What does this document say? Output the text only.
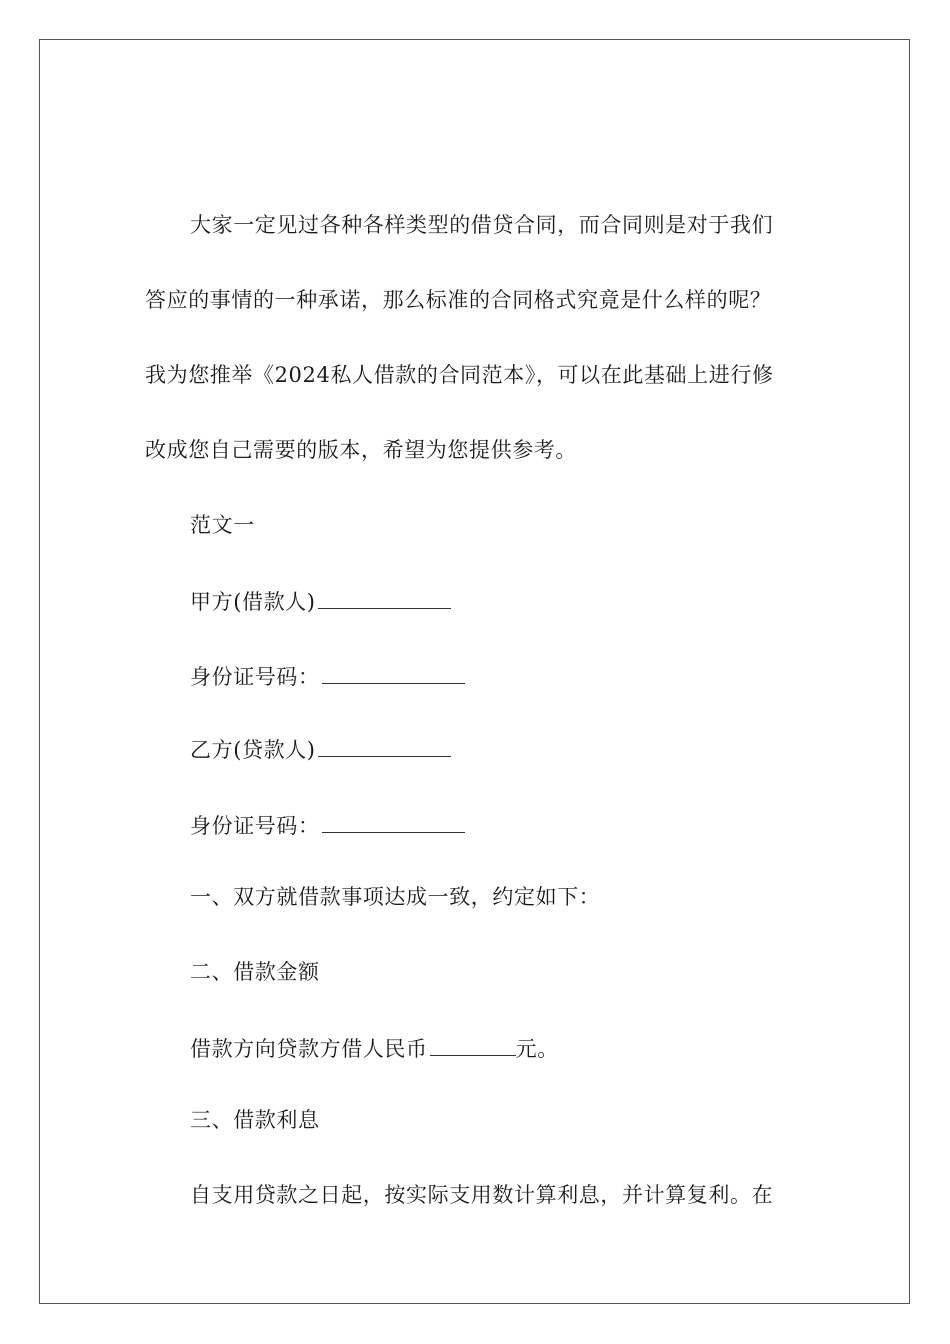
大家一定见过各种各样类型的借贷合同，而合同则是对于我们
答应的事情的一种承诺，那么标准的合同格式究竟是什么样的呢？
我为您推举《2024私人借款的合同范本》，可以在此基础上进行修
改成您自己需要的版本，希望为您提供参考。
范文一
甲方(借款人)
身份证号码：
乙方(贷款人)
身份证号码：
一、双方就借款事项达成一致，约定如下：
二、借款金额
借款方向贷款方借人民币	元。
三、借款利息
自支用贷款之日起，按实际支用数计算利息，并计算复利。在
